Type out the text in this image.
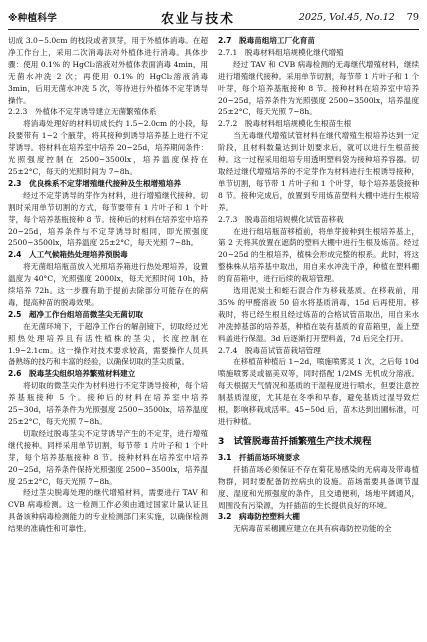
※种植科学	农业与技术	2025, Vol.45, No.12 79

切成 3.0~5.0cm 的枝段或者顶芽，用于外植体消毒。在超净工作台上，采用二次消毒法对外植体进行消毒。具体步骤：使用 0.1% 的 HgCl₂溶液对外植体表面消毒 4min，用无菌水冲洗 2 次；再使用 0.1% 的 HgCl₂溶液消毒 3min，后用无菌水冲洗 5 次，等待进行外植体不定芽诱导操作。

2.2.3　外植体不定芽诱导建立无菌繁殖体系

将消毒处理好的材料切成长约 1.5~2.0cm 的小段，每段要带有 1~2 个腋芽，将其接种到诱导培养基上进行不定芽诱导。将材料在培养室中培养 20~25d，培养期间条件：光照强度控制在 2500~3500lx，培养温度保持在 25±2°C，每天的光照时间为 7~8h。

2.3　优良株系不定芽增殖继代接种及生根增殖培养

经过不定芽诱导的芽作为材料，进行增殖继代接种。切割时采用单节切割的方式，每节要带有 1 片叶子和 1 个叶芽，每个培养基瓶接种 8 节。接种后的材料在培养室中培养 20~25d，培养条件与不定芽诱导时相同，即光照强度 2500~3500lx，培养温度 25±2°C，每天光照 7~8h。

2.4　人工气候箱热处理培养预脱毒

将无菌组培瓶苗放入光照培养箱进行热处理培养，设置温度为 40°C，光照强度 2000lx，每天光照时间 10h，持续培养 72h。这一步骤有助于提前去除部分可能存在的病毒，提高种苗的脱毒效果。

2.5　超净工作台组培苗微茎尖无菌切取

在无菌环境下，于超净工作台的解剖镜下，切取经过光照热处理培养且有活性植株的茎尖，长度控制在 1.9~2.1cm。这一操作对技术要求较高，需要操作人员具备熟练的技巧和丰富的经验，以确保切取的茎尖质量。

2.6　脱毒茎尖组织培养繁殖材料建立

将切取的微茎尖作为材料进行不定芽诱导接种，每个培养基瓶接种 5 个。接种后的材料在培养室中培养 25~30d，培养条件为光照强度 2500~3500lx，培养温度 25±2°C，每天光照 7~8h。

切取经过脱毒茎尖不定芽诱导产生的不定芽，进行增殖继代接种。同样采用单节切割，每节带 1 片叶子和 1 个叶芽，每个培养基瓶接种 8 节。接种材料在培养室中培养 20~25d，培养条件保持光照强度 2500~3500lx，培养温度 25±2°C，每天光照 7~8h。

经过茎尖脱毒处理的继代增殖材料，需要进行 TAV 和 CVB 病毒检测。这一检测工作必须由通过国家计量认证且具备该种病毒检测能力的专业检测部门来实施，以确保检测结果的准确性和可靠性。

2.7　脱毒苗组培工厂化育苗

2.7.1　脱毒材料组培规模化继代增殖

经过 TAV 和 CVB 病毒检测的无毒继代增殖材料，继续进行增殖继代接种。采用单节切割，每节带 1 片叶子和 1 个叶芽，每个培养基瓶接种 8 节。接种材料在培养室中培养 20~25d，培养条件为光照强度 2500~3500lx，培养温度 25±2°C，每天光照 7~8h。

2.7.2　脱毒材料组培规模化生根苗生根

当无毒继代增殖试管材料在继代增殖生根培养达到一定阶段，且材料数量达到计划要求后，就可以进行生根苗接种。这一过程采用组培专用透明塑料袋为接种培养容器。切取经过继代增殖培养的不定芽作为材料进行生根诱导接种，单节切割，每节带 1 片叶子和 1 个叶芽，每个培养基袋接种 8 节。接种完成后，放置到专用炼苗塑料大棚中进行生根培养。

2.7.3　脱毒苗组培规模化试管苗移栽

在进行组培瓶苗移植前，将单芽接种到生根培养基上，第 2 天将其放置在遮荫的塑料大棚中进行生根及炼苗。经过 20~25d 的生根培养，植株会形成完整的根系。此时，将这整株株从培养基中取出，用自来水冲洗干净，种植在塑料棚的育苗箱中，进行后续的栽培管理。

选用泥炭土和蛭石混合作为移栽基质。在移栽前，用 35% 的甲醛溶液 50 倍水将基质消毒，15d 后再使用。移栽时，将已经生根且经过炼苗的合格试管苗取出，用自来水冲洗掉基部的培养基，种植在装有基质的育苗箱里，盖上塑料盖进行保湿。3d 后逐渐打开塑料盖，7d 后完全打开。

2.7.4　脱毒苗试管苗栽培管理

在移植苗种植后 1~2d，喷施喷雾灵 1 次，之后每 10d 喷施喷雾灵或福美双等，同时搭配 1/2MS 无机成分溶液。每天根据天气情况和基质的干湿程度进行喷水，但要注意控制基质湿度，尤其是在冬季和早春，避免基质过湿导致烂根，影响移栽成活率。45~50d 后，苗木达到出圃标准，可进行种植。

3　试管脱毒苗扦插繁殖生产技术规程

3.1　扦插苗场环境要求

扦插苗场必须保证不存在菊花易感染的无病毒及带毒植物群，同时要配备防控病虫的设施。苗场需要具备调节温度、湿度和光照强度的条件，且交通便利，场地平阔通风，周围没有污染源，为扦插苗的生长提供良好的环境。

3.2　病毒防控塑料大棚

无病毒苗采穗圃应建立在具有病毒防控功能的全
